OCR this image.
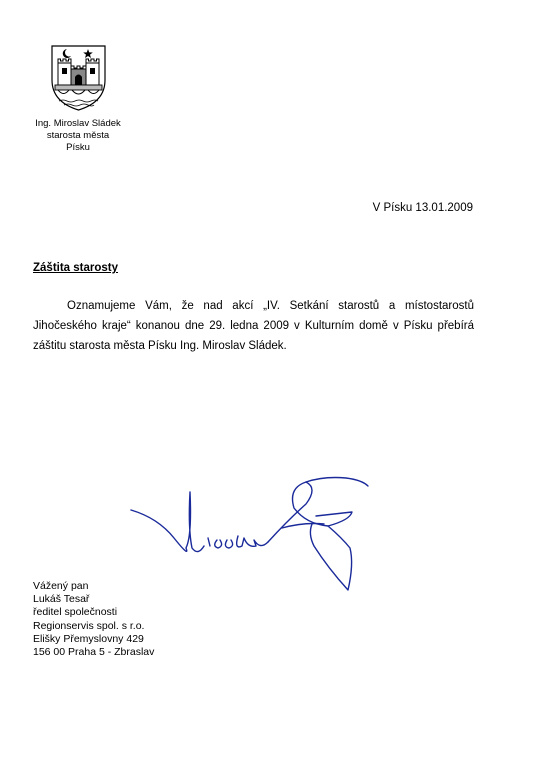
Ing. Miroslav Sládek
starosta města
Písku
V Písku 13.01.2009
Záštita starosty
Oznamujeme Vám, že nad akcí „IV. Setkání starostů a místostarostů Jihočeského kraje“ konanou dne 29. ledna 2009 v Kulturním domě v Písku přebírá záštitu starosta města Písku Ing. Miroslav Sládek.
Vážený pan
Lukáš Tesař
ředitel společnosti
Regionservis spol. s r.o.
Elišky Přemyslovny 429
156 00 Praha 5 - Zbraslav
